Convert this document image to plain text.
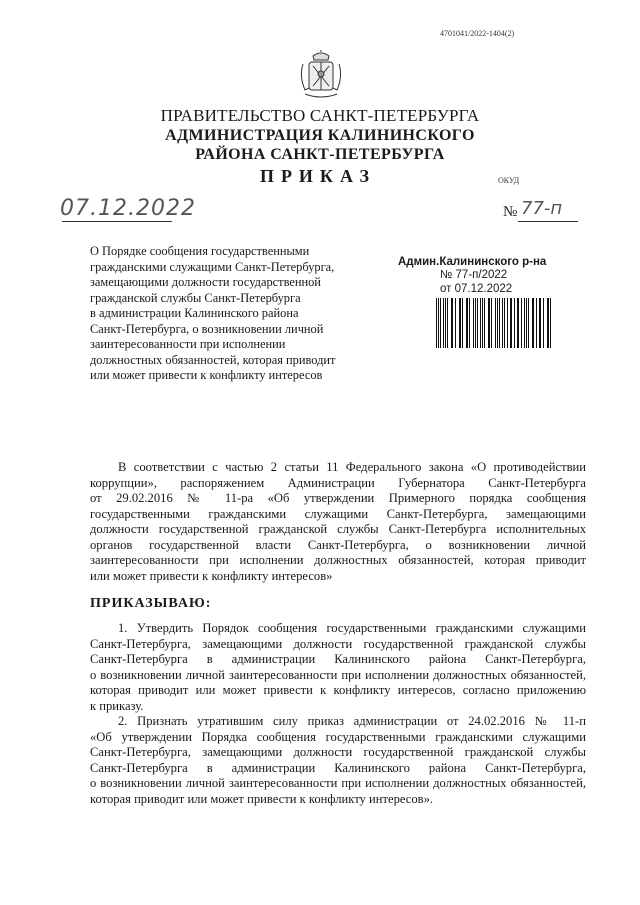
4701041/2022-1404(2)
ПРАВИТЕЛЬСТВО САНКТ-ПЕТЕРБУРГА
АДМИНИСТРАЦИЯ КАЛИНИНСКОГО
РАЙОНА САНКТ-ПЕТЕРБУРГА
ПРИКАЗ	ОКУД
07.12.2022	№ 77-п
О Порядке сообщения государственными
гражданскими служащими Санкт-Петербурга,
замещающими должности государственной
гражданской службы Санкт-Петербурга
в администрации Калининского района
Санкт-Петербурга, о возникновении личной
заинтересованности при исполнении
должностных обязанностей, которая приводит
или может привести к конфликту интересов
Админ.Калининского р-на
№ 77-п/2022
от 07.12.2022
В соответствии с частью 2 статьи 11 Федерального закона «О противодействии
коррупции», распоряжением Администрации Губернатора Санкт-Петербурга
от 29.02.2016 № 11-ра «Об утверждении Примерного порядка сообщения
государственными гражданскими служащими Санкт-Петербурга, замещающими
должности государственной гражданской службы Санкт-Петербурга исполнительных
органов государственной власти Санкт-Петербурга, о возникновении личной
заинтересованности при исполнении должностных обязанностей, которая приводит
или может привести к конфликту интересов»
ПРИКАЗЫВАЮ:
1. Утвердить Порядок сообщения государственными гражданскими служащими
Санкт-Петербурга, замещающими должности государственной гражданской службы
Санкт-Петербурга в администрации Калининского района Санкт-Петербурга,
о возникновении личной заинтересованности при исполнении должностных обязанностей,
которая приводит или может привести к конфликту интересов, согласно приложению
к приказу.
2. Признать утратившим силу приказ администрации от 24.02.2016 № 11-п
«Об утверждении Порядка сообщения государственными гражданскими служащими
Санкт-Петербурга, замещающими должности государственной гражданской службы
Санкт-Петербурга в администрации Калининского района Санкт-Петербурга,
о возникновении личной заинтересованности при исполнении должностных обязанностей,
которая приводит или может привести к конфликту интересов».
